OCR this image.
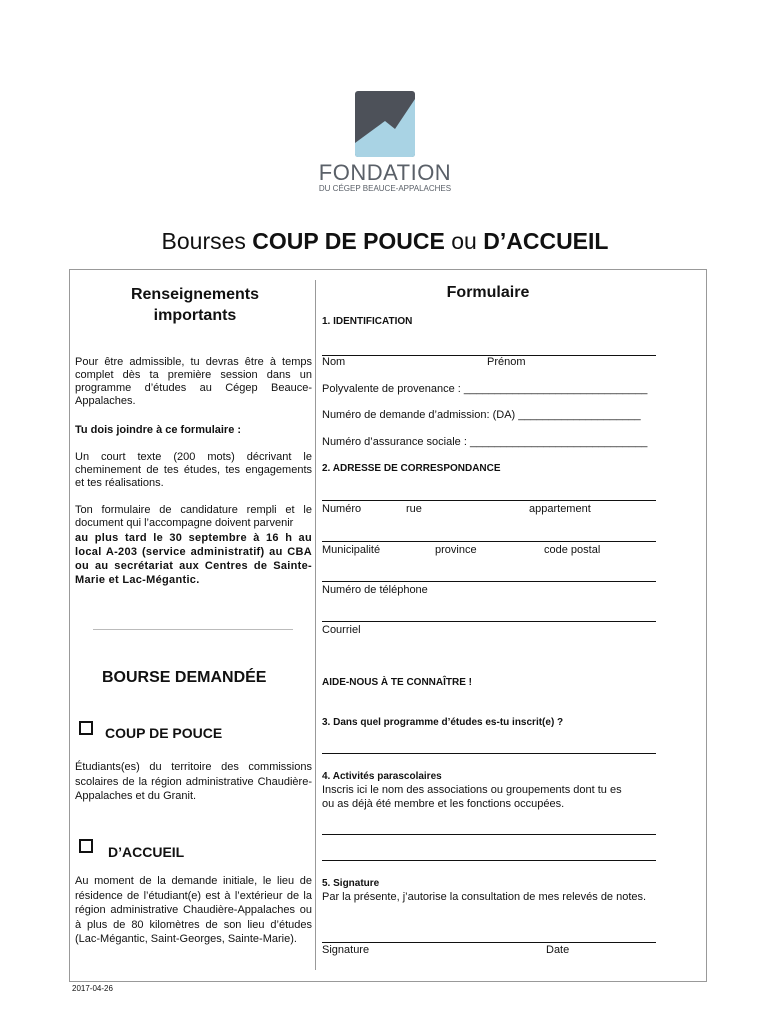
FONDATION
DU CÉGEP BEAUCE-APPALACHES
Bourses COUP DE POUCE ou D’ACCUEIL
Renseignements importants
Pour être admissible, tu devras être à temps complet dès ta première session dans un programme d’études au Cégep Beauce-Appalaches.
Tu dois joindre à ce formulaire :
Un court texte (200 mots) décrivant le cheminement de tes études, tes engagements et tes réalisations.
Ton formulaire de candidature rempli et le document qui l’accompagne doivent parvenir
au plus tard le 30 septembre à 16 h au local A-203 (service administratif) au CBA ou au secrétariat aux Centres de Sainte-Marie et Lac-Mégantic.
BOURSE DEMANDÉE
COUP DE POUCE
Étudiants(es) du territoire des commissions scolaires de la région administrative Chaudière-Appalaches et du Granit.
D’ACCUEIL
Au moment de la demande initiale, le lieu de résidence de l’étudiant(e) est à l’extérieur de la région administrative Chaudière-Appalaches ou à plus de 80 kilomètres de son lieu d’études (Lac-Mégantic, Saint-Georges, Sainte-Marie).
Formulaire
1. IDENTIFICATION
Nom	Prénom
Polyvalente de provenance : ______________________________
Numéro de demande d’admission: (DA) ____________________
Numéro d’assurance sociale : _____________________________
2. ADRESSE DE CORRESPONDANCE
Numéro	rue	appartement
Municipalité	province	code postal
Numéro de téléphone
Courriel
AIDE-NOUS À TE CONNAÎTRE !
3. Dans quel programme d’études es-tu inscrit(e) ?
4. Activités parascolaires
Inscris ici le nom des associations ou groupements dont tu es
ou as déjà été membre et les fonctions occupées.
5. Signature
Par la présente, j’autorise la consultation de mes relevés de notes.
Signature	Date
2017-04-26
